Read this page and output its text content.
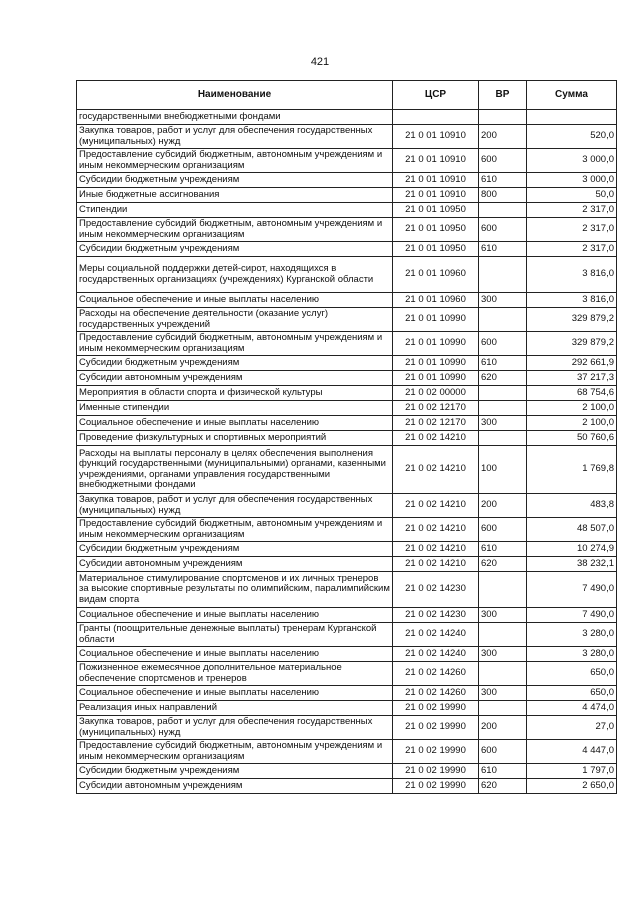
421
Наименование	ЦСР	ВР	Сумма
государственными внебюджетными фондами			
Закупка товаров, работ и услуг для обеспечения государственных (муниципальных) нужд	21 0 01 10910	200	520,0
Предоставление субсидий бюджетным, автономным учреждениям и иным некоммерческим организациям	21 0 01 10910	600	3 000,0
Субсидии бюджетным учреждениям	21 0 01 10910	610	3 000,0
Иные бюджетные ассигнования	21 0 01 10910	800	50,0
Стипендии	21 0 01 10950		2 317,0
Предоставление субсидий бюджетным, автономным учреждениям и иным некоммерческим организациям	21 0 01 10950	600	2 317,0
Субсидии бюджетным учреждениям	21 0 01 10950	610	2 317,0
Меры социальной поддержки детей-сирот, находящихся в государственных организациях (учреждениях) Курганской области	21 0 01 10960		3 816,0
Социальное обеспечение и иные выплаты населению	21 0 01 10960	300	3 816,0
Расходы на обеспечение деятельности (оказание услуг) государственных учреждений	21 0 01 10990		329 879,2
Предоставление субсидий бюджетным, автономным учреждениям и иным некоммерческим организациям	21 0 01 10990	600	329 879,2
Субсидии бюджетным учреждениям	21 0 01 10990	610	292 661,9
Субсидии автономным учреждениям	21 0 01 10990	620	37 217,3
Мероприятия в области спорта и физической культуры	21 0 02 00000		68 754,6
Именные стипендии	21 0 02 12170		2 100,0
Социальное обеспечение и иные выплаты населению	21 0 02 12170	300	2 100,0
Проведение физкультурных и спортивных мероприятий	21 0 02 14210		50 760,6
Расходы на выплаты персоналу в целях обеспечения выполнения функций государственными (муниципальными) органами, казенными учреждениями, органами управления государственными внебюджетными фондами	21 0 02 14210	100	1 769,8
Закупка товаров, работ и услуг для обеспечения государственных (муниципальных) нужд	21 0 02 14210	200	483,8
Предоставление субсидий бюджетным, автономным учреждениям и иным некоммерческим организациям	21 0 02 14210	600	48 507,0
Субсидии бюджетным учреждениям	21 0 02 14210	610	10 274,9
Субсидии автономным учреждениям	21 0 02 14210	620	38 232,1
Материальное стимулирование спортсменов и их личных тренеров за высокие спортивные результаты по олимпийским, паралимпийским видам спорта	21 0 02 14230		7 490,0
Социальное обеспечение и иные выплаты населению	21 0 02 14230	300	7 490,0
Гранты (поощрительные денежные выплаты) тренерам Курганской области	21 0 02 14240		3 280,0
Социальное обеспечение и иные выплаты населению	21 0 02 14240	300	3 280,0
Пожизненное ежемесячное дополнительное материальное обеспечение спортсменов и тренеров	21 0 02 14260		650,0
Социальное обеспечение и иные выплаты населению	21 0 02 14260	300	650,0
Реализация иных направлений	21 0 02 19990		4 474,0
Закупка товаров, работ и услуг для обеспечения государственных (муниципальных) нужд	21 0 02 19990	200	27,0
Предоставление субсидий бюджетным, автономным учреждениям и иным некоммерческим организациям	21 0 02 19990	600	4 447,0
Субсидии бюджетным учреждениям	21 0 02 19990	610	1 797,0
Субсидии автономным учреждениям	21 0 02 19990	620	2 650,0
